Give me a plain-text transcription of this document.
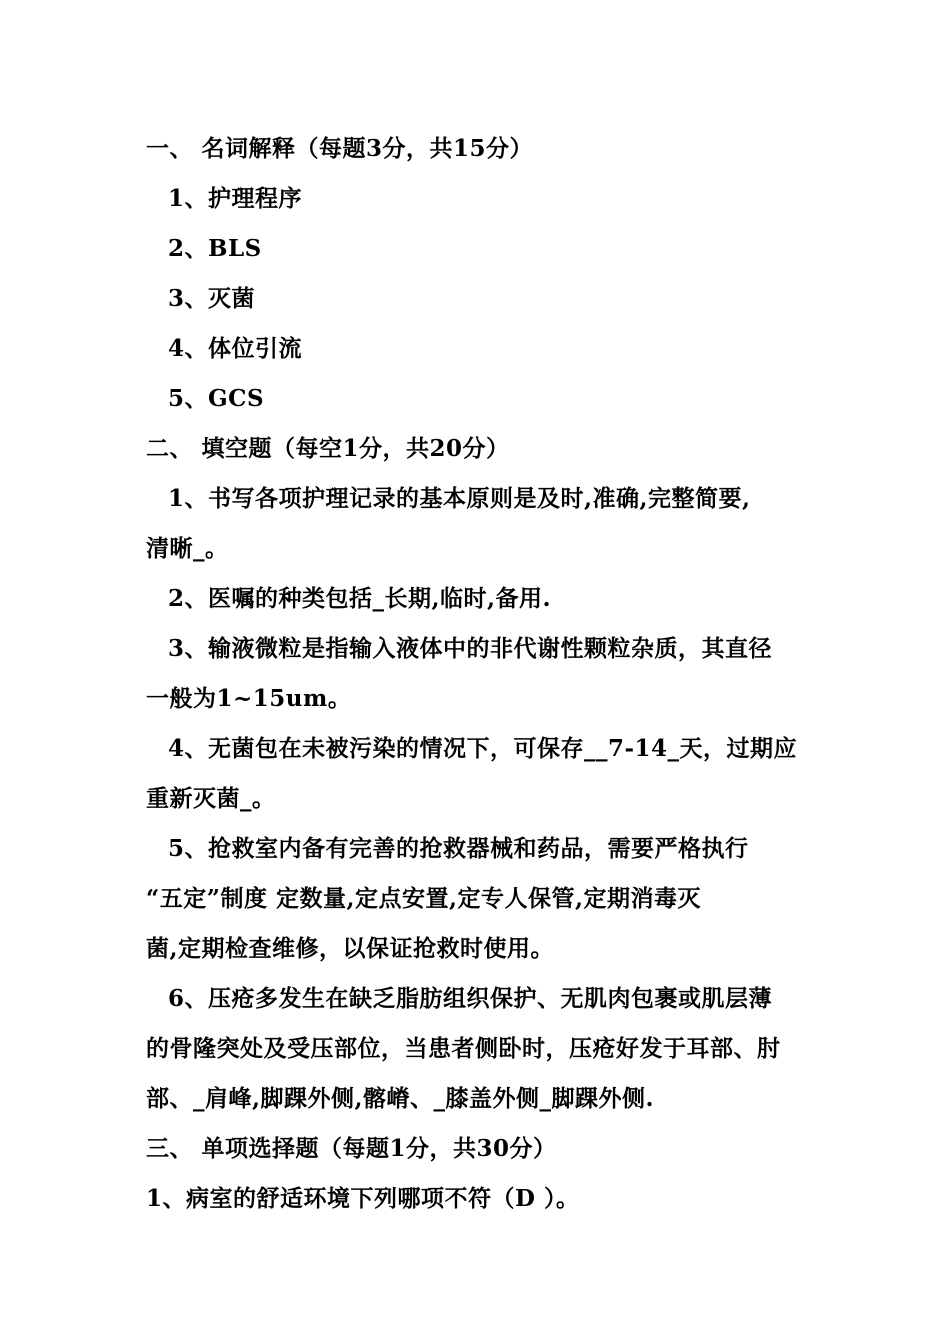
一、 名词解释（每题3分，共15分）
1、护理程序
2、BLS
3、灭菌
4、体位引流
5、GCS
二、 填空题（每空1分，共20分）
1、书写各项护理记录的基本原则是及时,准确,完整简要,
清晰_。
2、医嘱的种类包括_长期,临时,备用.
3、输液微粒是指输入液体中的非代谢性颗粒杂质，其直径
一般为1~15um。
4、无菌包在未被污染的情况下，可保存__7-14_天，过期应
重新灭菌_。
5、抢救室内备有完善的抢救器械和药品，需要严格执行
“五定”制度 定数量,定点安置,定专人保管,定期消毒灭
菌,定期检查维修，以保证抢救时使用。
6、压疮多发生在缺乏脂肪组织保护、无肌肉包裹或肌层薄
的骨隆突处及受压部位，当患者侧卧时，压疮好发于耳部、肘
部、_肩峰,脚踝外侧,髂嵴、_膝盖外侧_脚踝外侧.
三、 单项选择题（每题1分，共30分）
1、病室的舒适环境下列哪项不符（D ）。
